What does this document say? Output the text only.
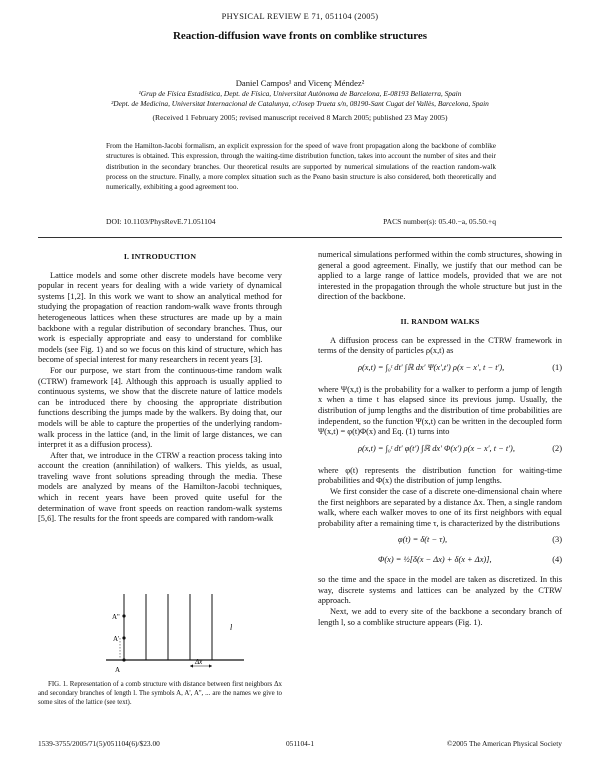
PHYSICAL REVIEW E 71, 051104 (2005)
Reaction-diffusion wave fronts on comblike structures
Daniel Campos¹ and Vicenç Méndez²
¹Grup de Física Estadística, Dept. de Física, Universitat Autònoma de Barcelona, E-08193 Bellaterra, Spain
²Dept. de Medicina, Universitat Internacional de Catalunya, c/Josep Trueta s/n, 08190-Sant Cugat del Vallès, Barcelona, Spain
(Received 1 February 2005; revised manuscript received 8 March 2005; published 23 May 2005)
From the Hamilton-Jacobi formalism, an explicit expression for the speed of wave front propagation along the backbone of comblike structures is obtained. This expression, through the waiting-time distribution function, takes into account the number of sites and their distribution in the secondary branches. Our theoretical results are supported by numerical simulations of the reaction random-walk process on the structure. Finally, a more complex situation such as the Peano basin structure is also considered, both theoretically and numerically, exhibiting a good agreement too.
DOI: 10.1103/PhysRevE.71.051104	PACS number(s): 05.40.−a, 05.50.+q
I. INTRODUCTION
Lattice models and some other discrete models have become very popular in recent years for dealing with a wide variety of dynamical systems [1,2]. In this work we want to show an analytical method for studying the propagation of reaction random-walk wave fronts through heterogeneous lattices when these structures are made up by a main backbone with a regular distribution of secondary branches. Thus, our work is especially appropriate and easy to understand for comblike models (see Fig. 1) and so we focus on this kind of structure, which has become of special interest for many researchers in recent years [3].
For our purpose, we start from the continuous-time random walk (CTRW) framework [4]. Although this approach is usually applied to continuous systems, we show that the discrete nature of lattice models can be introduced there by choosing the appropriate distribution functions describing the jumps made by the walkers. By doing that, our models will be able to capture the properties of the underlying random-walk process in the lattice (and, in the limit of large distances, we can interpret it as a diffusion process).
After that, we introduce in the CTRW a reaction process taking into account the creation (annihilation) of walkers. This yields, as usual, traveling wave front solutions spreading through the media. These models are analyzed by means of the Hamilton-Jacobi techniques, which in recent years have been proved quite useful for the determination of wave front speeds on reaction random-walk systems [5,6]. The results for the front speeds are compared with random-walk
A''
A'
A
Δx
l
FIG. 1. Representation of a comb structure with distance between first neighbors Δx and secondary branches of length l. The symbols A, A', A'', ... are the names we give to some sites of the lattice (see text).
numerical simulations performed within the comb structures, showing in general a good agreement. Finally, we justify that our method can be applied to a large range of lattice models, provided that we are not interested in the propagation through the whole structure but just in the direction of the backbone.
II. RANDOM WALKS
A diffusion process can be expressed in the CTRW framework in terms of the density of particles ρ(x,t) as
ρ(x,t) = ∫₀ᵗ dt′ ∫ℝ dx′ Ψ(x′,t′) ρ(x − x′, t − t′),	(1)
where Ψ(x,t) is the probability for a walker to perform a jump of length x when a time t has elapsed since its previous jump. Usually, the distribution of jump lengths and the distribution of time probabilities are independent, so the function Ψ(x,t) can be written in the decoupled form Ψ(x,t) = φ(t)Φ(x) and Eq. (1) turns into
ρ(x,t) = ∫₀ᵗ dt′ φ(t′) ∫ℝ dx′ Φ(x′) ρ(x − x′, t − t′),	(2)
where φ(t) represents the distribution function for waiting-time probabilities and Φ(x) the distribution of jump lengths.
We first consider the case of a discrete one-dimensional chain where the first neighbors are separated by a distance Δx. Then, a single random walk, where each walker moves to one of its first neighbors with equal probability after a remaining time τ, is characterized by the distributions
φ(t) = δ(t − τ),	(3)
Φ(x) = ½[δ(x − Δx) + δ(x + Δx)],	(4)
so the time and the space in the model are taken as discretized. In this way, discrete systems and lattices can be analyzed by the CTRW approach.
Next, we add to every site of the backbone a secondary branch of length l, so a comblike structure appears (Fig. 1).
1539-3755/2005/71(5)/051104(6)/$23.00	051104-1	©2005 The American Physical Society
